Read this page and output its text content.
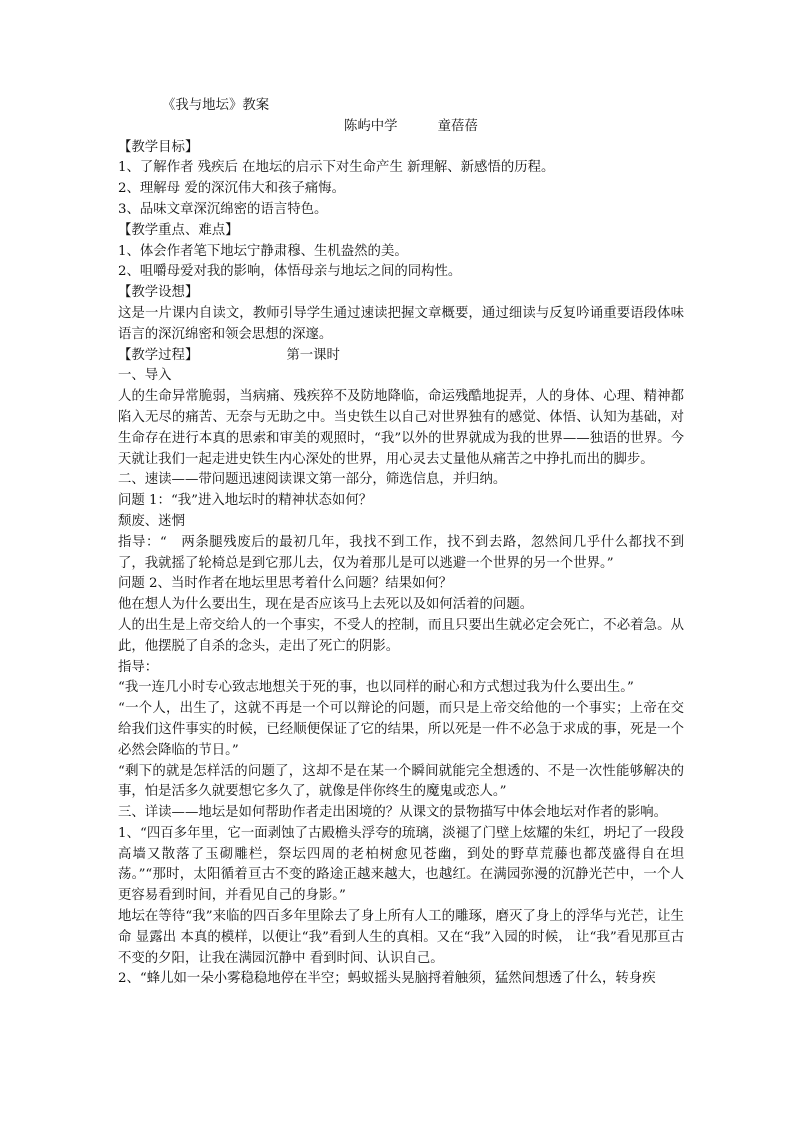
《我与地坛》教案

陈屿中学	童蓓蓓

【教学目标】

1、了解作者 残疾后 在地坛的启示下对生命产生 新理解、新感悟的历程。

2、理解母 爱的深沉伟大和孩子痛悔。

3、品味文章深沉绵密的语言特色。

【教学重点、难点】

1、体会作者笔下地坛宁静肃穆、生机盎然的美。

2、咀嚼母爱对我的影响，体悟母亲与地坛之间的同构性。

【教学设想】

这是一片课内自读文，教师引导学生通过速读把握文章概要，通过细读与反复吟诵重要语段体味语言的深沉绵密和领会思想的深邃。

【教学过程】	第一课时

一、导入

人的生命异常脆弱，当病痛、残疾猝不及防地降临，命运残酷地捉弄，人的身体、心理、精神都陷入无尽的痛苦、无奈与无助之中。当史铁生以自己对世界独有的感觉、体悟、认知为基础，对生命存在进行本真的思索和审美的观照时，“我”以外的世界就成为我的世界——独语的世界。今天就让我们一起走进史铁生内心深处的世界，用心灵去丈量他从痛苦之中挣扎而出的脚步。

二、速读——带问题迅速阅读课文第一部分，筛选信息，并归纳。

问题 1：“我”进入地坛时的精神状态如何？

颓废、迷惘

指导：“　两条腿残废后的最初几年，我找不到工作，找不到去路，忽然间几乎什么都找不到了，我就摇了轮椅总是到它那儿去，仅为着那儿是可以逃避一个世界的另一个世界。”

问题 2、当时作者在地坛里思考着什么问题？结果如何？

他在想人为什么要出生，现在是否应该马上去死以及如何活着的问题。

人的出生是上帝交给人的一个事实，不受人的控制，而且只要出生就必定会死亡，不必着急。从此，他摆脱了自杀的念头，走出了死亡的阴影。

指导：

“我一连几小时专心致志地想关于死的事，也以同样的耐心和方式想过我为什么要出生。”

“一个人，出生了，这就不再是一个可以辩论的问题，而只是上帝交给他的一个事实；上帝在交给我们这件事实的时候，已经顺便保证了它的结果，所以死是一件不必急于求成的事，死是一个必然会降临的节日。”

“剩下的就是怎样活的问题了，这却不是在某一个瞬间就能完全想透的、不是一次性能够解决的事，怕是活多久就要想它多久了，就像是伴你终生的魔鬼或恋人。”

三、详读——地坛是如何帮助作者走出困境的？从课文的景物描写中体会地坛对作者的影响。

1、“四百多年里，它一面剥蚀了古殿檐头浮夸的琉璃，淡褪了门壁上炫耀的朱红，坍圮了一段段高墙又散落了玉砌雕栏，祭坛四周的老柏树愈见苍幽，到处的野草荒藤也都茂盛得自在坦荡。”“那时，太阳循着亘古不变的路途正越来越大，也越红。在满园弥漫的沉静光芒中，一个人更容易看到时间，并看见自己的身影。”

地坛在等待“我”来临的四百多年里除去了身上所有人工的雕琢，磨灭了身上的浮华与光芒，让生命 显露出 本真的模样，以便让“我”看到人生的真相。又在“我”入园的时候， 让“我”看见那亘古不变的夕阳，让我在满园沉静中 看到时间、认识自己。

2、“蜂儿如一朵小雾稳稳地停在半空；蚂蚁摇头晃脑捋着触须，猛然间想透了什么，转身疾
